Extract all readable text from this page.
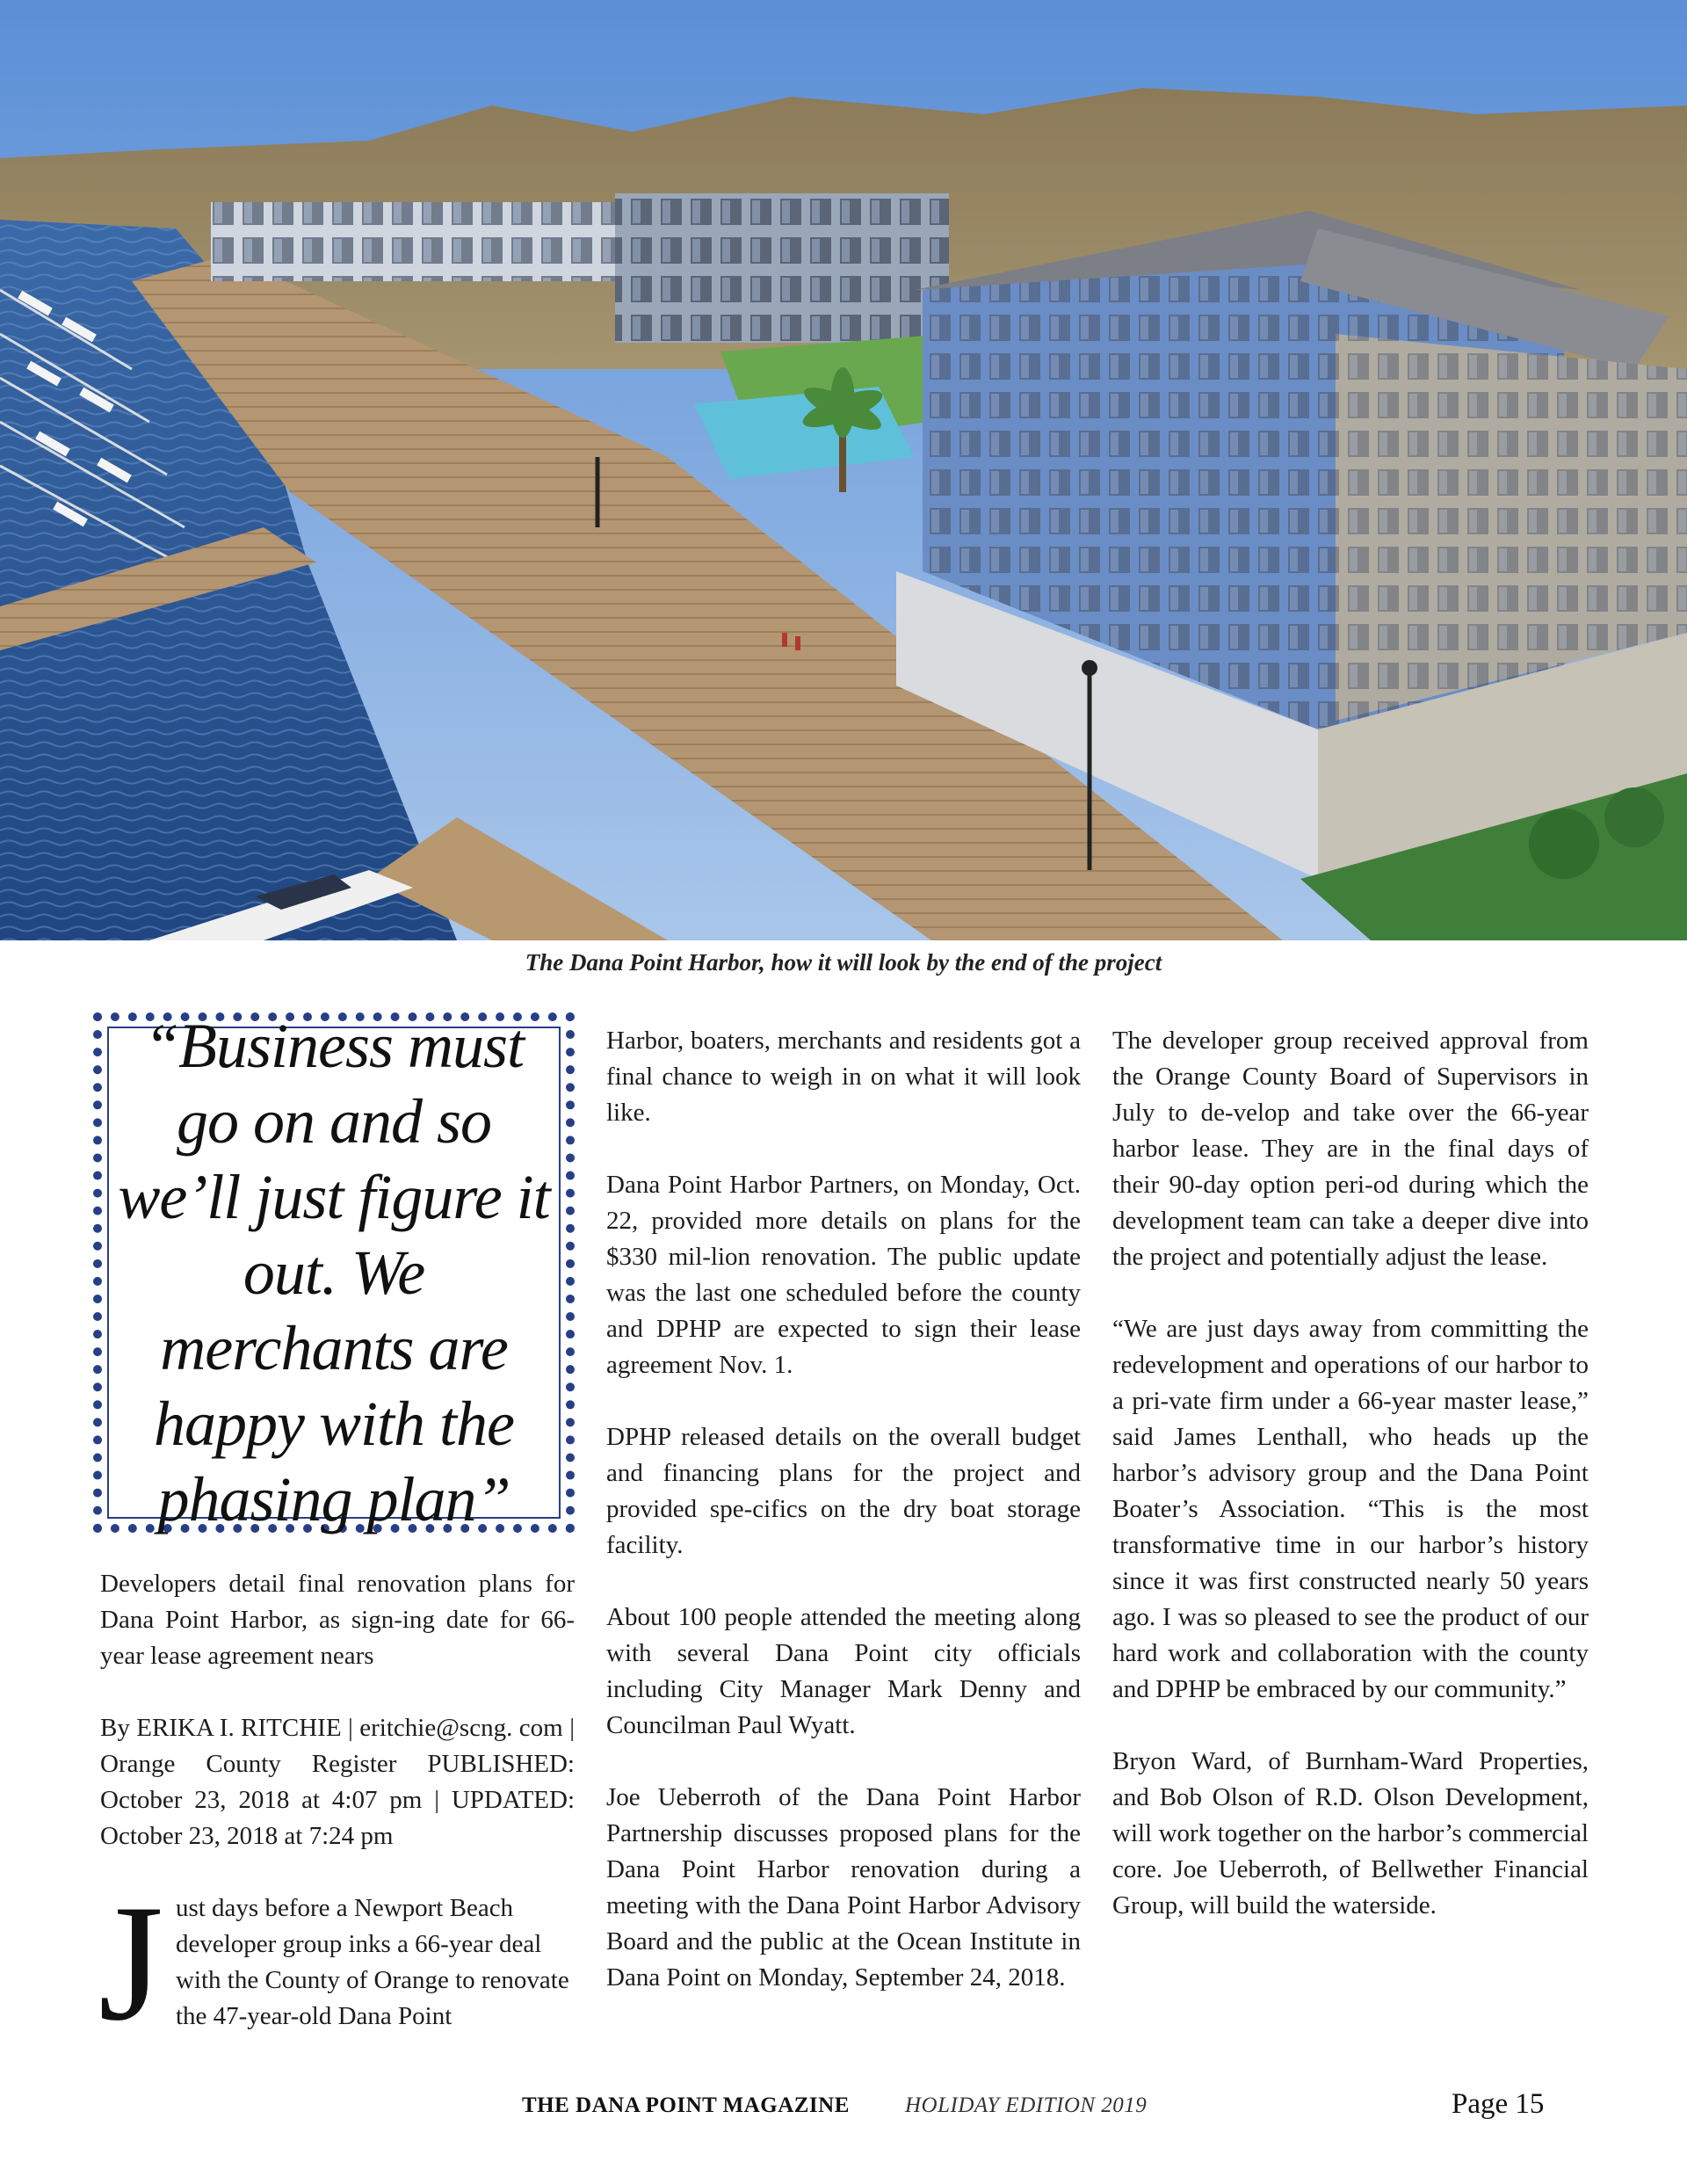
The Dana Point Harbor, how it will look by the end of the project

“Business must go on and so we’ll just figure it out. We merchants are happy with the phasing plan”

Developers detail final renovation plans for Dana Point Harbor, as sign-ing date for 66-year lease agreement nears

By ERIKA I. RITCHIE | eritchie@scng. com | Orange County Register PUBLISHED: October 23, 2018 at 4:07 pm | UPDATED: October 23, 2018 at 7:24 pm

J ust days before a Newport Beach developer group inks a 66-year deal with the County of Orange to renovate the 47-year-old Dana Point

Harbor, boaters, merchants and residents got a final chance to weigh in on what it will look like.

Dana Point Harbor Partners, on Monday, Oct. 22, provided more details on plans for the $330 mil-lion renovation. The public update was the last one scheduled before the county and DPHP are expected to sign their lease agreement Nov. 1.

DPHP released details on the overall budget and financing plans for the project and provided spe-cifics on the dry boat storage facility.

About 100 people attended the meeting along with several Dana Point city officials including City Manager Mark Denny and Councilman Paul Wyatt.

Joe Ueberroth of the Dana Point Harbor Partnership discusses proposed plans for the Dana Point Harbor renovation during a meeting with the Dana Point Harbor Advisory Board and the public at the Ocean Institute in Dana Point on Monday, September 24, 2018.

The developer group received approval from the Orange County Board of Supervisors in July to de-velop and take over the 66-year harbor lease. They are in the final days of their 90-day option peri-od during which the development team can take a deeper dive into the project and potentially adjust the lease.

“We are just days away from committing the redevelopment and operations of our harbor to a pri-vate firm under a 66-year master lease,” said James Lenthall, who heads up the harbor’s advisory group and the Dana Point Boater’s Association. “This is the most transformative time in our harbor’s history since it was first constructed nearly 50 years ago. I was so pleased to see the product of our hard work and collaboration with the county and DPHP be embraced by our community.”

Bryon Ward, of Burnham-Ward Properties, and Bob Olson of R.D. Olson Development, will work together on the harbor’s commercial core. Joe Ueberroth, of Bellwether Financial Group, will build the waterside.

THE DANA POINT MAGAZINE	HOLIDAY EDITION 2019	Page 15
